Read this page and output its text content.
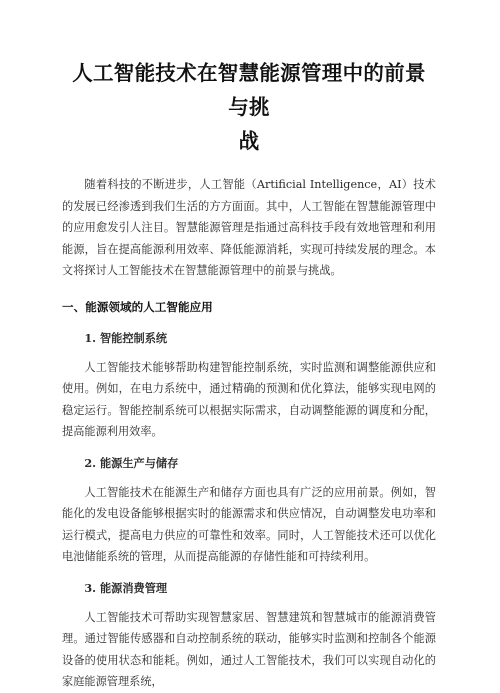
人工智能技术在智慧能源管理中的前景与挑
战

随着科技的不断进步，人工智能（Artificial Intelligence，AI）技术的发展已经渗透到我们生活的方方面面。其中，人工智能在智慧能源管理中的应用愈发引人注目。智慧能源管理是指通过高科技手段有效地管理和利用能源，旨在提高能源利用效率、降低能源消耗，实现可持续发展的理念。本文将探讨人工智能技术在智慧能源管理中的前景与挑战。

一、能源领域的人工智能应用
1. 智能控制系统

人工智能技术能够帮助构建智能控制系统，实时监测和调整能源供应和使用。例如，在电力系统中，通过精确的预测和优化算法，能够实现电网的稳定运行。智能控制系统可以根据实际需求，自动调整能源的调度和分配，提高能源利用效率。

2. 能源生产与储存

人工智能技术在能源生产和储存方面也具有广泛的应用前景。例如，智能化的发电设备能够根据实时的能源需求和供应情况，自动调整发电功率和运行模式，提高电力供应的可靠性和效率。同时，人工智能技术还可以优化电池储能系统的管理，从而提高能源的存储性能和可持续利用。

3. 能源消费管理

人工智能技术可帮助实现智慧家居、智慧建筑和智慧城市的能源消费管理。通过智能传感器和自动控制系统的联动，能够实时监测和控制各个能源设备的使用状态和能耗。例如，通过人工智能技术，我们可以实现自动化的家庭能源管理系统，
